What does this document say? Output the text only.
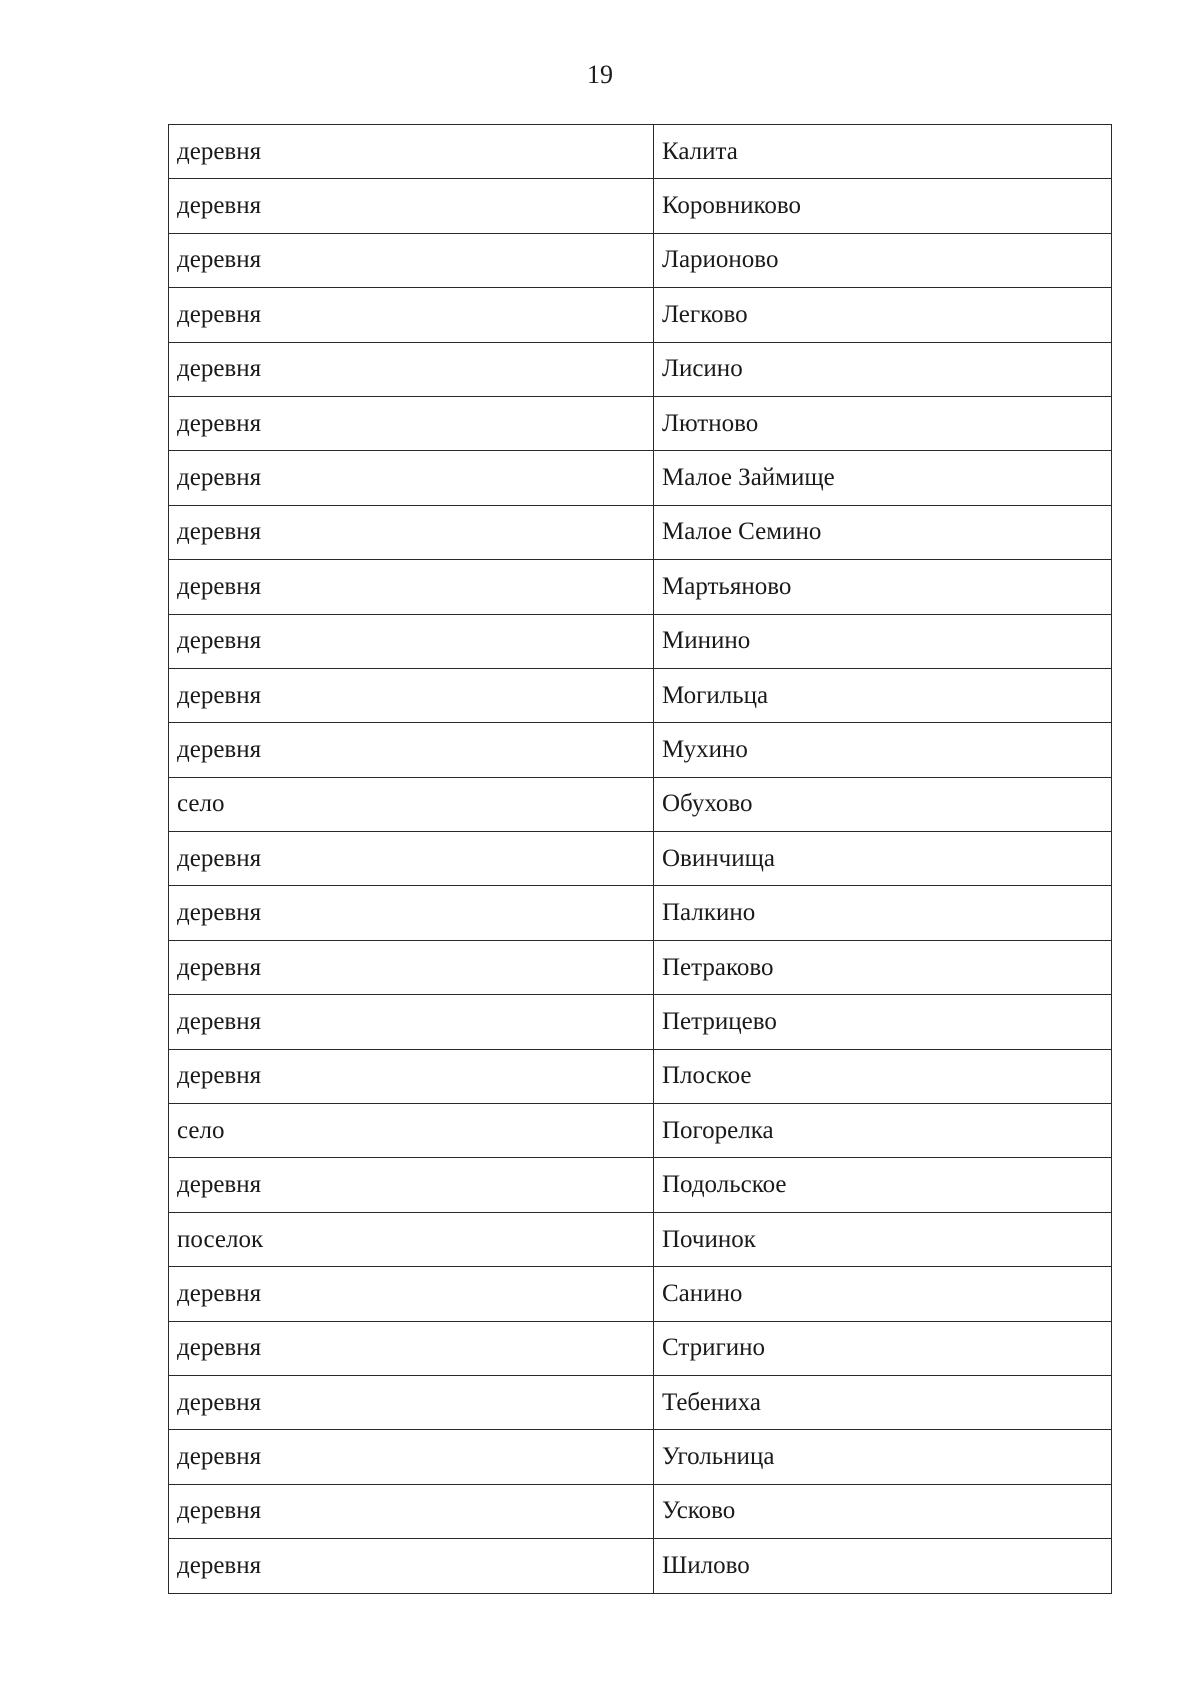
19
деревня	Калита
деревня	Коровниково
деревня	Ларионово
деревня	Легково
деревня	Лисино
деревня	Лютново
деревня	Малое Займище
деревня	Малое Семино
деревня	Мартьяново
деревня	Минино
деревня	Могильца
деревня	Мухино
село	Обухово
деревня	Овинчища
деревня	Палкино
деревня	Петраково
деревня	Петрицево
деревня	Плоское
село	Погорелка
деревня	Подольское
поселок	Починок
деревня	Санино
деревня	Стригино
деревня	Тебениха
деревня	Угольница
деревня	Усково
деревня	Шилово
